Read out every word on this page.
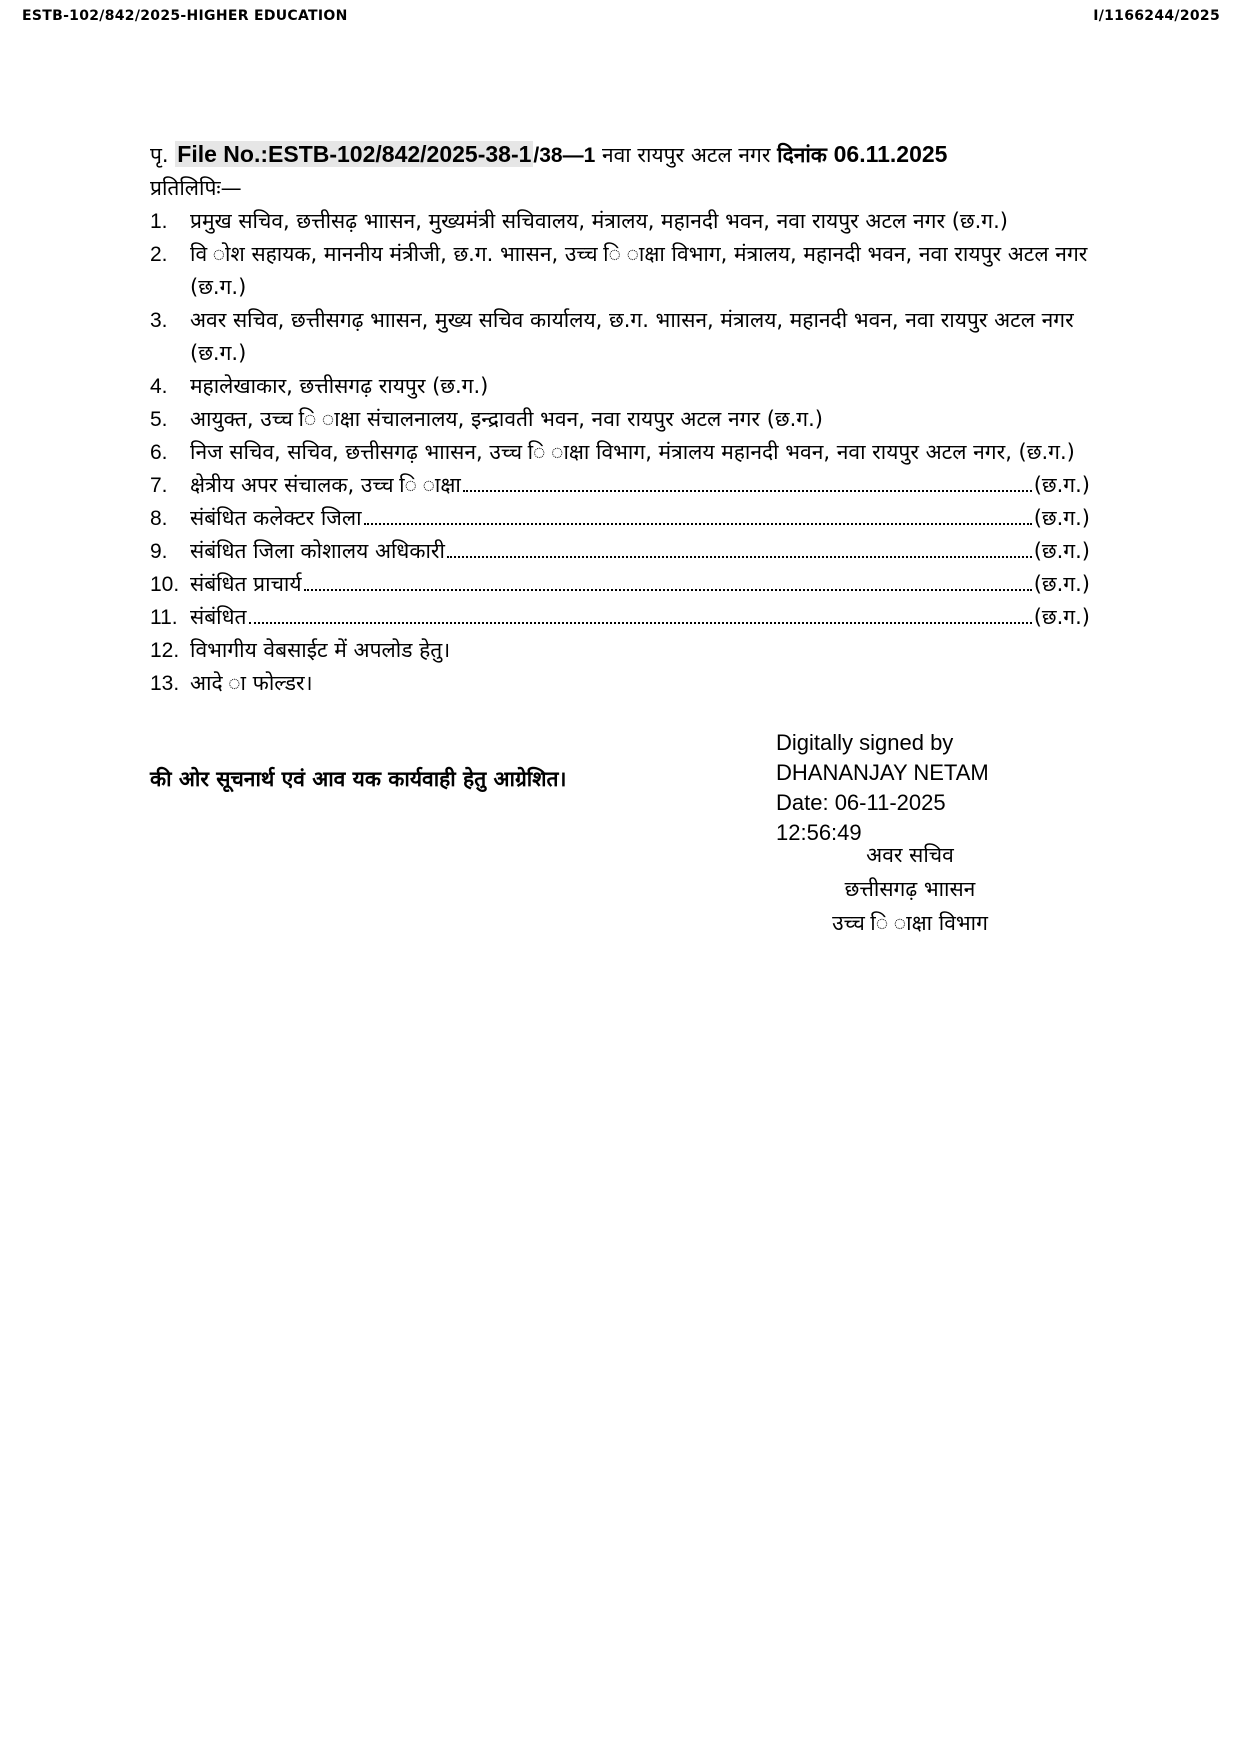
ESTB-102/842/2025-HIGHER EDUCATION	I/1166244/2025
पृ. File No.:ESTB-102/842/2025-38-1/38—1 नवा रायपुर अटल नगर दिनांक 06.11.2025
प्रतिलिपिः—
1.	प्रमुख सचिव, छत्तीसढ़ भाासन, मुख्यमंत्री सचिवालय, मंत्रालय, महानदी भवन, नवा रायपुर अटल नगर (छ.ग.)
2.	वि ोश सहायक, माननीय मंत्रीजी, छ.ग. भाासन, उच्च ि ाक्षा विभाग, मंत्रालय, महानदी भवन, नवा रायपुर अटल नगर (छ.ग.)
3.	अवर सचिव, छत्तीसगढ़ भाासन, मुख्य सचिव कार्यालय, छ.ग. भाासन, मंत्रालय, महानदी भवन, नवा रायपुर अटल नगर (छ.ग.)
4.	महालेखाकार, छत्तीसगढ़ रायपुर (छ.ग.)
5.	आयुक्त, उच्च ि ाक्षा संचालनालय, इन्द्रावती भवन, नवा रायपुर अटल नगर (छ.ग.)
6.	निज सचिव, सचिव, छत्तीसगढ़ भाासन, उच्च ि ाक्षा विभाग, मंत्रालय महानदी भवन, नवा रायपुर अटल नगर, (छ.ग.)
7.	क्षेत्रीय अपर संचालक, उच्च ि ाक्षा	(छ.ग.)
8.	संबंधित कलेक्टर जिला	(छ.ग.)
9.	संबंधित जिला कोशालय अधिकारी	(छ.ग.)
10. संबंधित प्राचार्य	(छ.ग.)
11. संबंधित	(छ.ग.)
12. विभागीय वेबसाईट में अपलोड हेतु।
13. आदे ा फोल्डर।
की ओर सूचनार्थ एवं आव यक कार्यवाही हेतु आग्रेशित।
Digitally signed by
DHANANJAY NETAM
Date: 06-11-2025
12:56:49
अवर सचिव
छत्तीसगढ़ भाासन
उच्च ि ाक्षा विभाग
